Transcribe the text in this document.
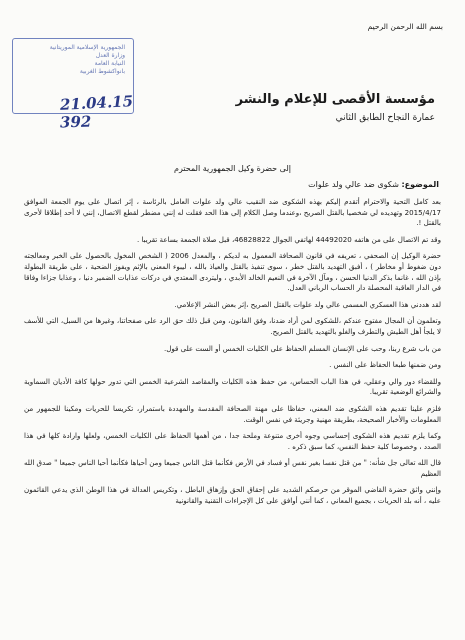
بسم الله الرحمن الرحيم
الجمهورية الإسلامية الموريتانية
وزارة العدل
النيابة العامة
بانواكشوط الغربية
21.04.15
392
مؤسسة الأقصى للإعلام والنشر
عمارة النجاح الطابق الثاني
إلى حضرة وكيل الجمهورية المحترم
الموضوع: شكوى ضد عالي ولد علوات

بعد كامل التحية والاحترام أتقدم إليكم بهذه الشكوى ضد النقيب عالي ولد علوات العامل بالرئاسة ، إثر اتصال على يوم الجمعة الموافق 2015/4/17 وتهديده لي شخصيا بالقتل الصريح ،وعندما وصل الكلام إلى هذا الحد فقلت له إنني مضطر لقطع الاتصال، إنني لا أحد إطلاقا لأحرى بالقتل !.

وقد تم الاتصال على من هاتفه 44492020 لهاتفي الجوال 46828822، قبل صلاة الجمعة بساعة تقريبا .

حضرة الوكيل إن الصحفي ، تعريفه في قانون الصحافة المعمول به لديكم ، والمعدل 2006 ( الشخص المخول بالحصول على الخبر ومعالجته دون ضغوط أو مخاطر ) ، أفبق التهديد بالقتل خطر ، سوى تنفيذ بالقتل والعياذ بالله ، ليبوء المعني بالإثم ويفوز الضحية ، على طريقة البطولة بإذن الله ، غانما بذكر الدنيا الحسن ، ومآل الآخرة في النعيم الخالد الأبدي ، وليتردى المعتدي في دركات عذابات الضمير دنيا ، وعذابا جزاءا وفاقا في الدار العاقبة المحصلة دار الحساب الرباني العدل.

لقد هددني هذا العسكري المسمى عالي ولد علوات بالقتل الصريح ،إثر بعض النشر الإعلامي.

وتعلمون أن المجال مفتوح عندكم ،للشكوى لمن أراد ضدنا، وفق القانون، ومن قبل ذلك حق الرد على صفحاتنا، وغيرها من السبل، التي للأسف لا يلجأ أهل الطيش والتطرف والغلو بالتهديد بالقتل الصريح.

من باب شرع ربنا، وحب على الإنسان المسلم الحفاظ على الكليات الخمس أو الست على قول.

ومن ضمنها طبعا الحفاظ على النفس .

وللقضاء دور والي وعقلي، في هذا الباب الحساس، من حفظ هذه الكليات والمقاصد الشرعية الخمس التي تدور حولها كافة الأديان السماوية والشرائع الوضعية تقريبا.

فلزم علينا تقديم هذه الشكوى ضد المعني، حفاظا على مهنة الصحافة المقدسة والمهددة باستمرار، تكريسا للحريات ومكينا للجمهور من المعلومات والأخبار الصحيحة، بطريقة مهنية وجريئة في نفس الوقت.

وكما يلزم تقديم هذه الشكوى إحساسي وجوه أخرى متنوعة وملحة جدا ، من أهمها الحفاظ على الكليات الخمس، ولعلها وارادة كلها في هذا الصدد ، وخصوصا كلية حفظ النفس، كما سبق ذكره .

قال الله تعالى جل شأنه: " من قتل نفسا بغير نفس أو فساد في الأرض فكأنما قتل الناس جميعا ومن أحياها فكأنما أحيا الناس جميعا " صدق الله العظيم

وإنني واثق حضرة القاضي الموقر من حرصكم الشديد على إحقاق الحق وإزهاق الباطل ، وتكريس العدالة في هذا الوطن الذي يدعي القائمون عليه ، أنه بلد الحريات ، بجميع المعاني ، كما أنني أوافق على كل الإجراءات التقنية والقانونية
